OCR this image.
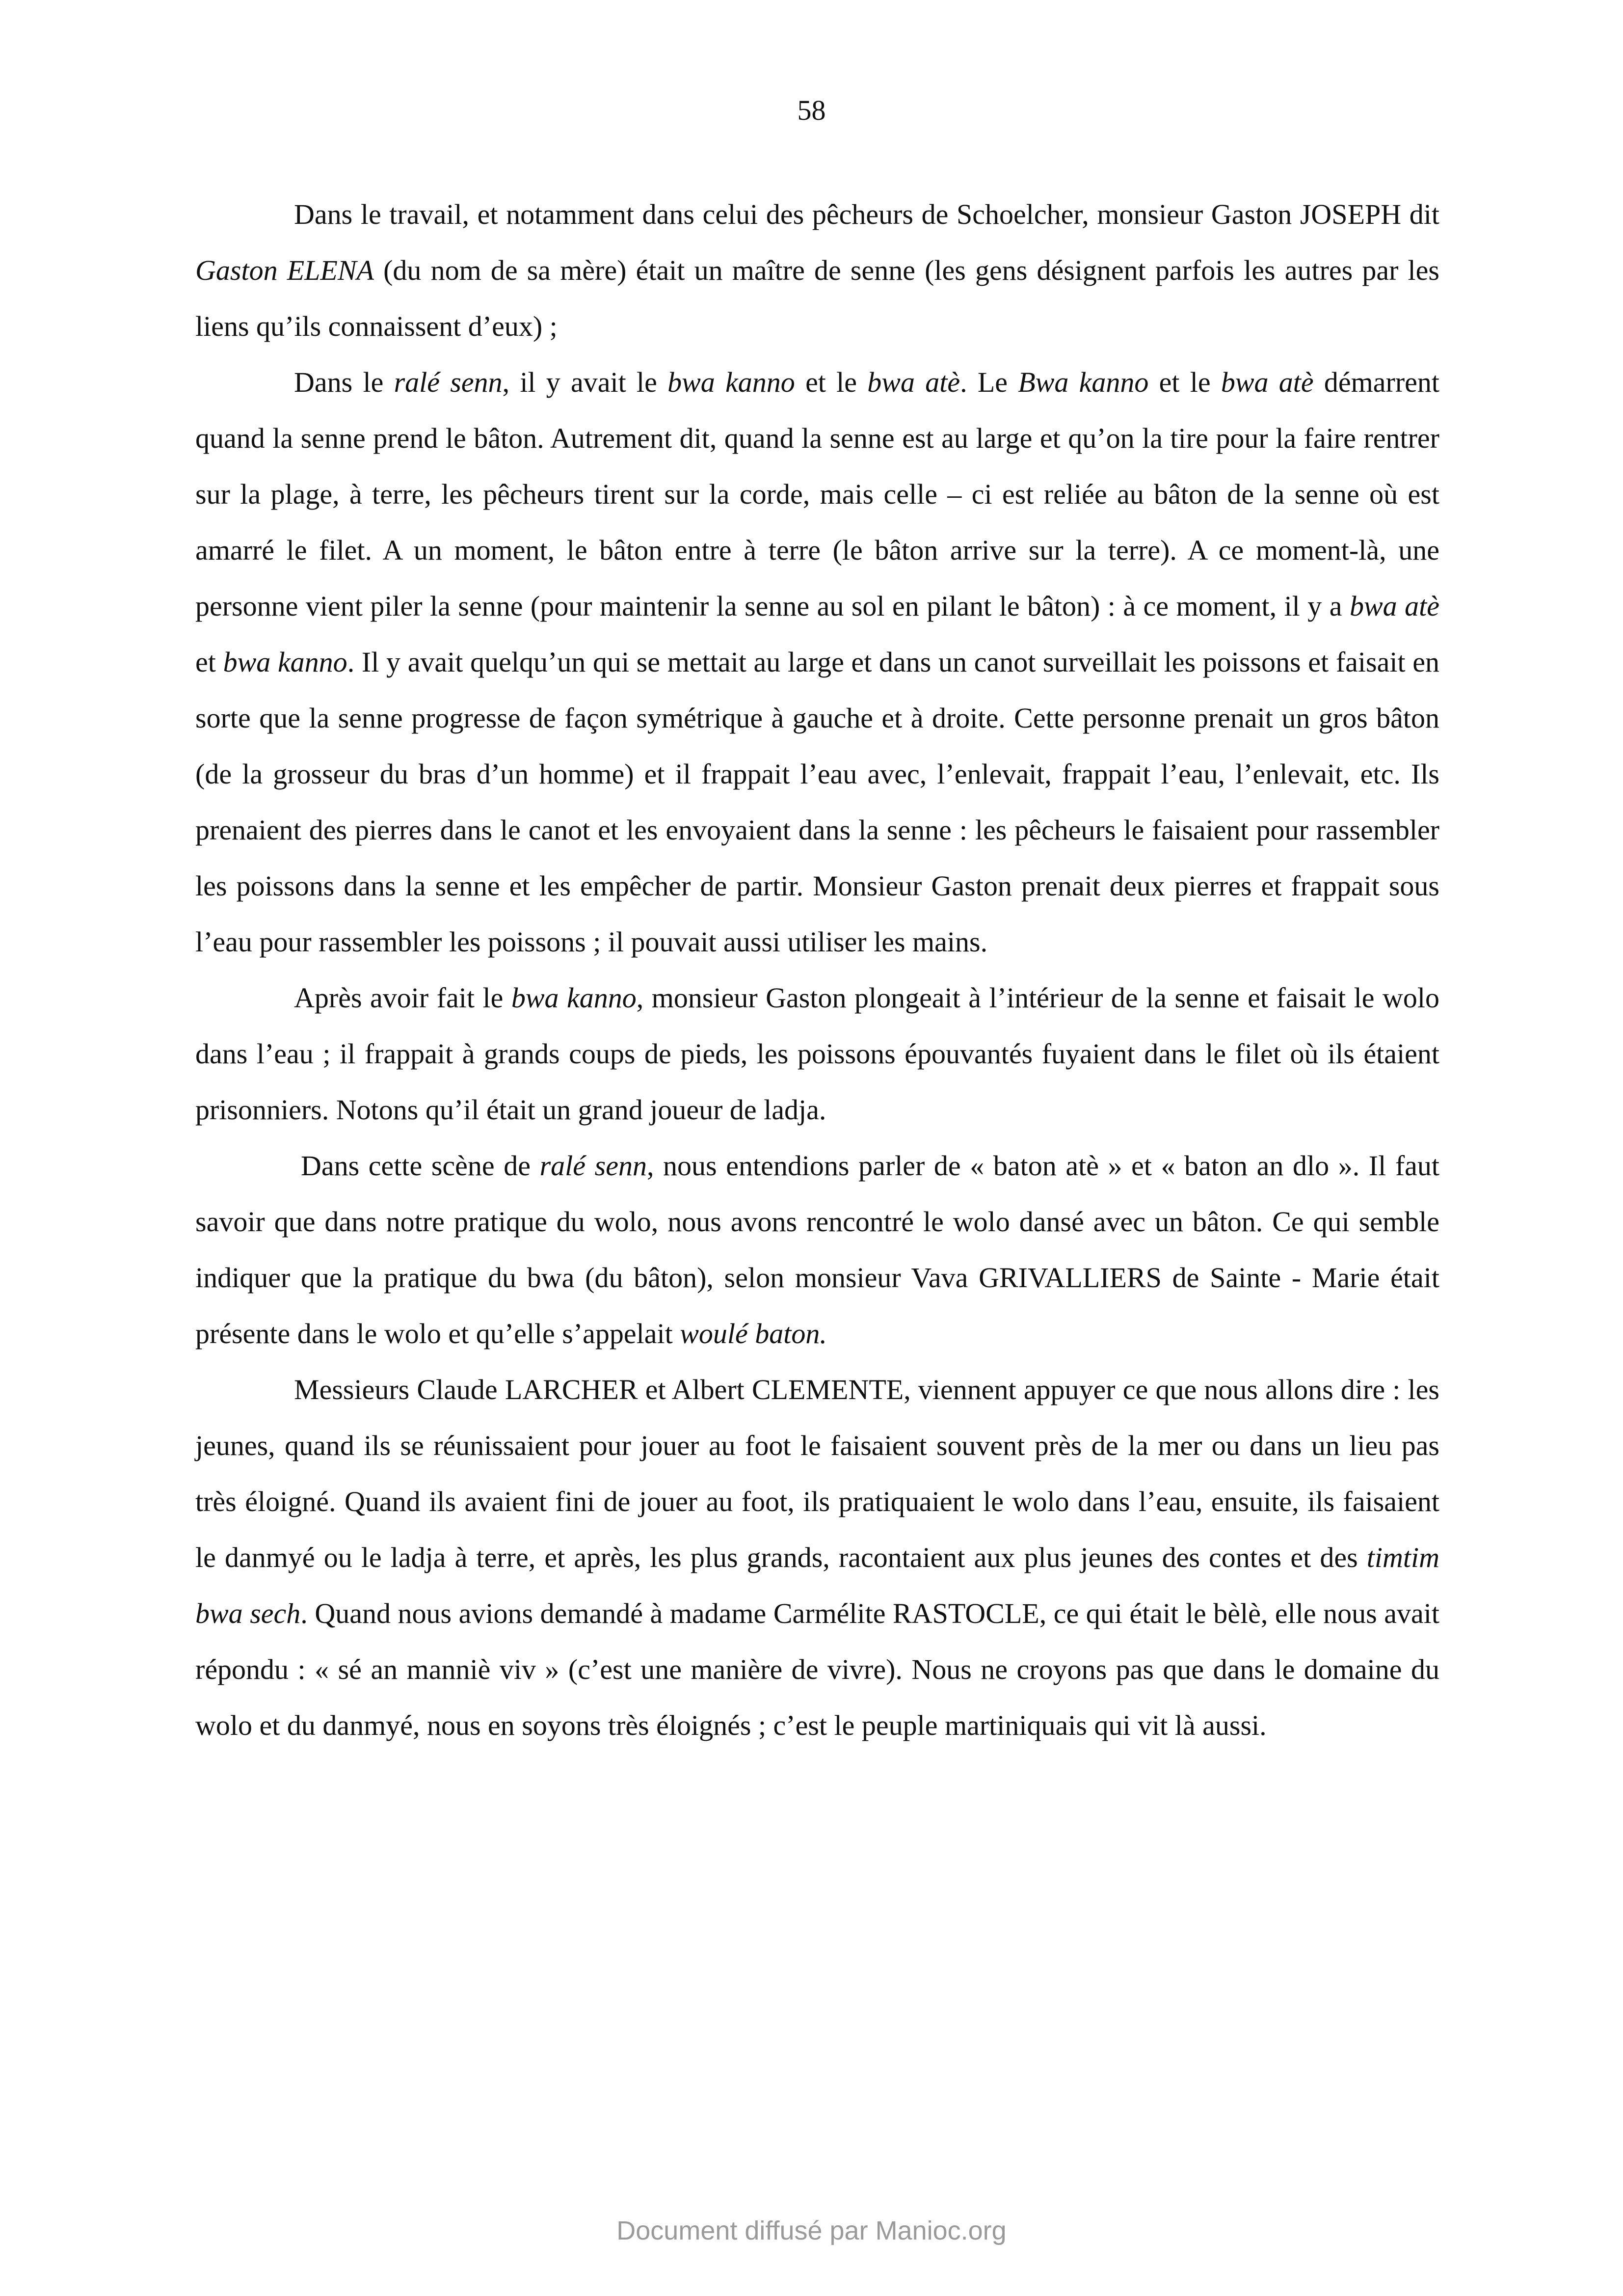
58

Dans le travail, et notamment dans celui des pêcheurs de Schoelcher, monsieur Gaston JOSEPH dit Gaston ELENA (du nom de sa mère) était un maître de senne (les gens désignent parfois les autres par les liens qu’ils connaissent d’eux) ;

Dans le ralé senn, il y avait le bwa kanno et le bwa atè. Le Bwa kanno et le bwa atè démarrent quand la senne prend le bâton. Autrement dit, quand la senne est au large et qu’on la tire pour la faire rentrer sur la plage, à terre, les pêcheurs tirent sur la corde, mais celle – ci est reliée au bâton de la senne où est amarré le filet. A un moment, le bâton entre à terre (le bâton arrive sur la terre). A ce moment-là, une personne vient piler la senne (pour maintenir la senne au sol en pilant le bâton) : à ce moment, il y a bwa atè et bwa kanno. Il y avait quelqu’un qui se mettait au large et dans un canot surveillait les poissons et faisait en sorte que la senne progresse de façon symétrique à gauche et à droite. Cette personne prenait un gros bâton (de la grosseur du bras d’un homme) et il frappait l’eau avec, l’enlevait, frappait l’eau, l’enlevait, etc. Ils prenaient des pierres dans le canot et les envoyaient dans la senne : les pêcheurs le faisaient pour rassembler les poissons dans la senne et les empêcher de partir. Monsieur Gaston prenait deux pierres et frappait sous l’eau pour rassembler les poissons ; il pouvait aussi utiliser les mains.

Après avoir fait le bwa kanno, monsieur Gaston plongeait à l’intérieur de la senne et faisait le wolo dans l’eau ; il frappait à grands coups de pieds, les poissons épouvantés fuyaient dans le filet où ils étaient prisonniers. Notons qu’il était un grand joueur de ladja.

Dans cette scène de ralé senn, nous entendions parler de « baton atè » et « baton an dlo ». Il faut savoir que dans notre pratique du wolo, nous avons rencontré le wolo dansé avec un bâton. Ce qui semble indiquer que la pratique du bwa (du bâton), selon monsieur Vava GRIVALLIERS de Sainte - Marie était présente dans le wolo et qu’elle s’appelait woulé baton.

Messieurs Claude LARCHER et Albert CLEMENTE, viennent appuyer ce que nous allons dire : les jeunes, quand ils se réunissaient pour jouer au foot le faisaient souvent près de la mer ou dans un lieu pas très éloigné. Quand ils avaient fini de jouer au foot, ils pratiquaient le wolo dans l’eau, ensuite, ils faisaient le danmyé ou le ladja à terre, et après, les plus grands, racontaient aux plus jeunes des contes et des timtim bwa sech. Quand nous avions demandé à madame Carmélite RASTOCLE, ce qui était le bèlè, elle nous avait répondu : « sé an manniè viv » (c’est une manière de vivre). Nous ne croyons pas que dans le domaine du wolo et du danmyé, nous en soyons très éloignés ; c’est le peuple martiniquais qui vit là aussi.

Document diffusé par Manioc.org
